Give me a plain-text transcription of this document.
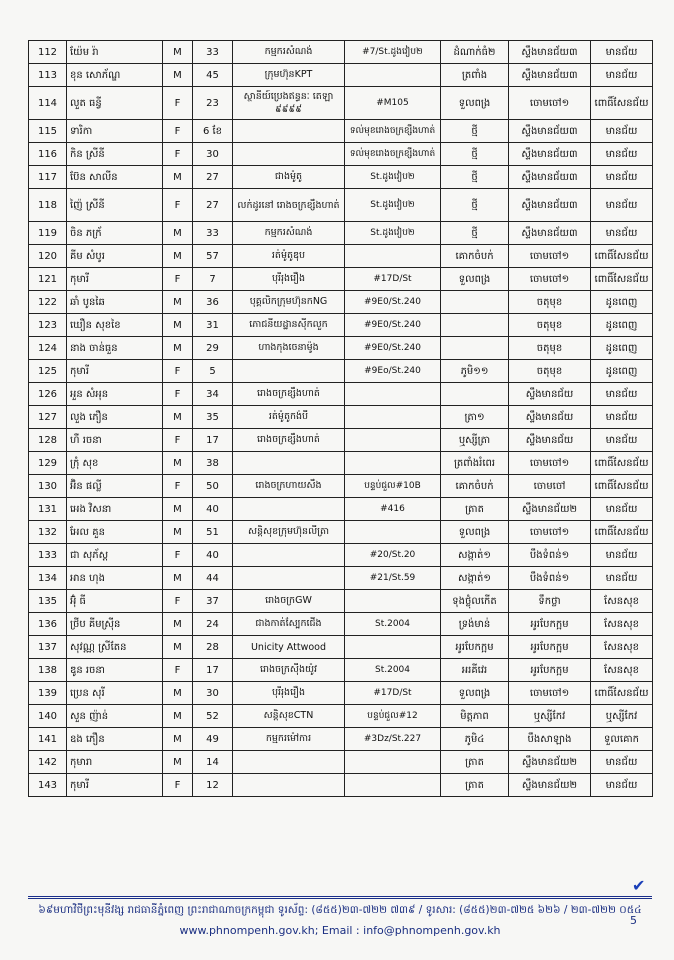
112	យ៉ែម រ៉ា	M	33	កម្មករសំណង់	#7/St.ដូងវៀប២	ដំណាក់ធំ២	ស្ទឹងមានជ័យ៣	មានជ័យ
113	ខុន សោភ័ណ្ឌ	M	45	ក្រុមហ៊ុនKPT		ត្រពាំង	ស្ទឹងមានជ័យ៣	មានជ័យ
114	លួត ធន្វី	F	23	ស្ថានីយ៍ប្រេងឥន្ធនៈ តេឡា ៩៩៩៩	#M105	ទួលពង្រ	ចោមចៅ១	ពោធិ៍សែនជ័យ
115	ទារិកា	F	6 ខែ		ទល់មុខរោងចក្រខ្សឹងហាត់	ថ្មី	ស្ទឹងមានជ័យ៣	មានជ័យ
116	កិន ស្រីនី	F	30		ទល់មុខរោងចក្រខ្សឹងហាត់	ថ្មី	ស្ទឹងមានជ័យ៣	មានជ័យ
117	ប៊ែន សាលីន	M	27	ជាងម៉ូតូ	St.ដូងវៀប២	ថ្មី	ស្ទឹងមានជ័យ៣	មានជ័យ
118	ញ៉ៃ ស្រីនី	F	27	លក់ដូរនៅ រោងចក្រខ្សឹងហាត់	St.ដូងវៀប២	ថ្មី	ស្ទឹងមានជ័យ៣	មានជ័យ
119	ចិន ភក្រ័	M	33	កម្មករសំណង់	St.ដូងវៀប២	ថ្មី	ស្ទឹងមានជ័យ៣	មានជ័យ
120	គីម សំបូរ	M	57	រត់ម៉ូតូឌុប		គោកចំបក់	ចោមចៅ១	ពោធិ៍សែនជ័យ
121	កុមារី	F	7	បុរីរុងរឿង	#17D/St	ទួលពង្រ	ចោមចៅ១	ពោធិ៍សែនជ័យ
122	ឆាំ បូនឆៃ	M	36	បុគ្គលិកក្រុមហ៊ុនកNG	#9E0/St.240		ចតុមុខ	ដូនពេញ
123	ឃឿន សុខខៃ	M	31	ភោជនីយដ្ឋានសុីកលួក	#9E0/St.240		ចតុមុខ	ដូនពេញ
124	នាង ចាន់ធួន	M	29	ហាងកុងចេនាម៉ូង	#9E0/St.240		ចតុមុខ	ដូនពេញ
125	កុមារី	F	5		#9Eo/St.240	ភូមិ១១	ចតុមុខ	ដូនពេញ
126	អួន សំអុន	F	34	រោងចក្រខ្សឹងហាត់			ស្ទឹងមានជ័យ	មានជ័យ
127	លួង ភឿន	M	35	រត់ម៉ូតូកង់បី		ត្រា១	ស្ទឹងមានជ័យ	មានជ័យ
128	ហឺ រចនា	F	17	រោងចក្រខ្សឹងហាត់		ឬស្សីត្រា	ស្ទឹងមានជ័យ	មានជ័យ
129	ក្រុំ សុខ	M	38			ត្រពាំងរំពេរ	ចោមចៅ១	ពោធិ៍សែនជ័យ
130	អ៊ិន ផល្លី	F	50	រោងចក្រហាយសឹង	បន្ទប់ជួល#10B	គោកចំបក់	ចោមចៅ	ពោធិ៍សែនជ័យ
131	អេង វិសនា	M	40		#416	ត្រាត	ស្ទឹងមានជ័យ២	មានជ័យ
132	អែល គួន	M	51	សន្តិសុខក្រុមហ៊ុនលីត្រា		ទួលពង្រ	ចោមចៅ១	ពោធិ៍សែនជ័យ
133	ជា សុភ័ស្ត	F	40		#20/St.20	សង្កាត់១	បឹងទំពន់១	មានជ័យ
134	អាន ហុង	M	44		#21/St.59	សង្កាត់១	បឹងទំពន់១	មានជ័យ
135	អ៊ុំ ធី	F	37	រោងចក្រGW		ទុងថ្លុំលកើត	ទឹកថ្លា	សែនសុខ
136	ថ្រីប គីមស្រ៊ីន	M	24	ជាងកាត់ស្បែកជើង	St.2004	ទ្រង់មាន់	អូរបែកក្អម	សែនសុខ
137	សុវណ្ណ ស្រីតែន	M	28	Unicity Attwood		អូរបែកក្អម	អូរបែកក្អម	សែនសុខ
138	ឌូន រចនា	F	17	រោងចក្រស៊ីងយ៉ូវ	St.2004	អរគីវេរ	អូរបែកក្អម	សែនសុខ
139	ប្រេន សុរី	M	30	បុរីរុងរឿង	#17D/St	ទួលពង្រ	ចោមចៅ១	ពោធិ៍សែនជ័យ
140	សួន ញ៉ាន់	M	52	សន្តិសុខCTN	បន្ទប់ជួល#12	មិត្តភាព	ឬស្សីកែវ	ឬស្សីកែវ
141	ឧង ភឿន	M	49	កម្មករម៉ៅការ	#3Dz/St.227	ភូមិ៤	បឹងសាឡាង	ទួលគោក
142	កុមារា	M	14			ត្រាត	ស្ទឹងមានជ័យ២	មានជ័យ
143	កុមារី	F	12			ត្រាត	ស្ទឹងមានជ័យ២	មានជ័យ
✔
៦៩មហាវិថីព្រះមុនីវង្ស រាជធានីភ្នំពេញ ព្រះរាជាណាចក្រកម្ពុជា ទូរស័ព្ទ: (៨៥៥)២៣-៧២២ ៧៣៩ / ទូរសារ: (៨៥៥)២៣-៧២៥ ៦២៦ / ២៣-៧២២ ០៥៤
www.phnompenh.gov.kh; Email : info@phnompenh.gov.kh
5
